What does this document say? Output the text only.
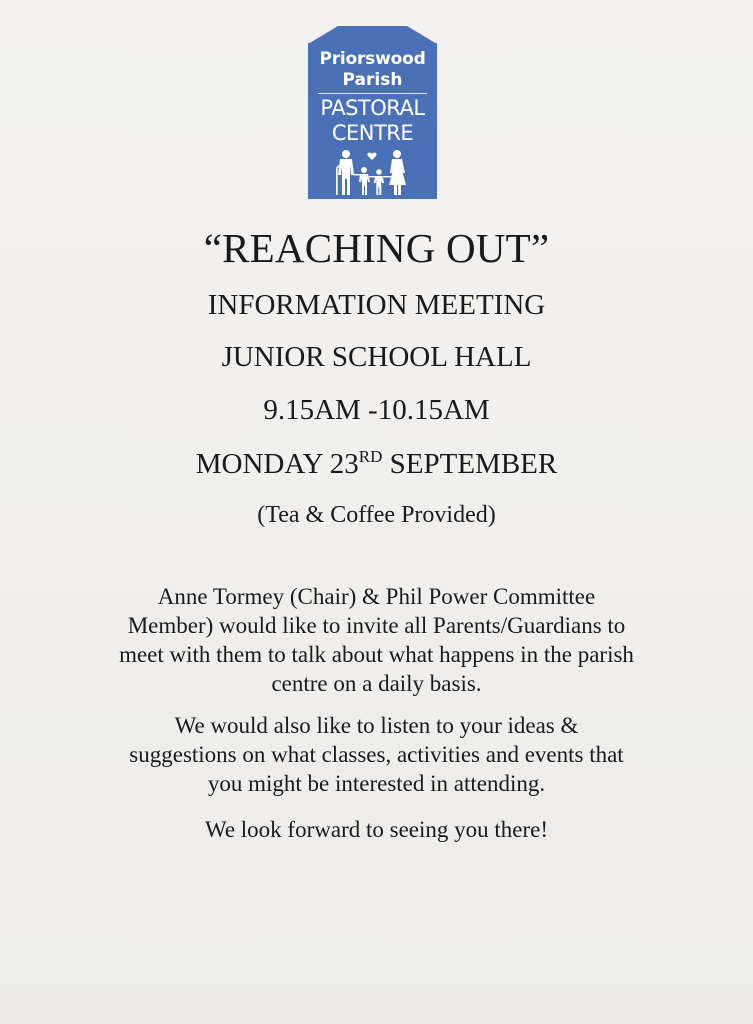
Priorswood
Parish
PASTORAL
CENTRE
“REACHING OUT”
INFORMATION MEETING
JUNIOR SCHOOL HALL
9.15AM -10.15AM
MONDAY 23RD SEPTEMBER
(Tea & Coffee Provided)
Anne Tormey (Chair) & Phil Power Committee
Member) would like to invite all Parents/Guardians to
meet with them to talk about what happens in the parish
centre on a daily basis.
We would also like to listen to your ideas &
suggestions on what classes, activities and events that
you might be interested in attending.
We look forward to seeing you there!
